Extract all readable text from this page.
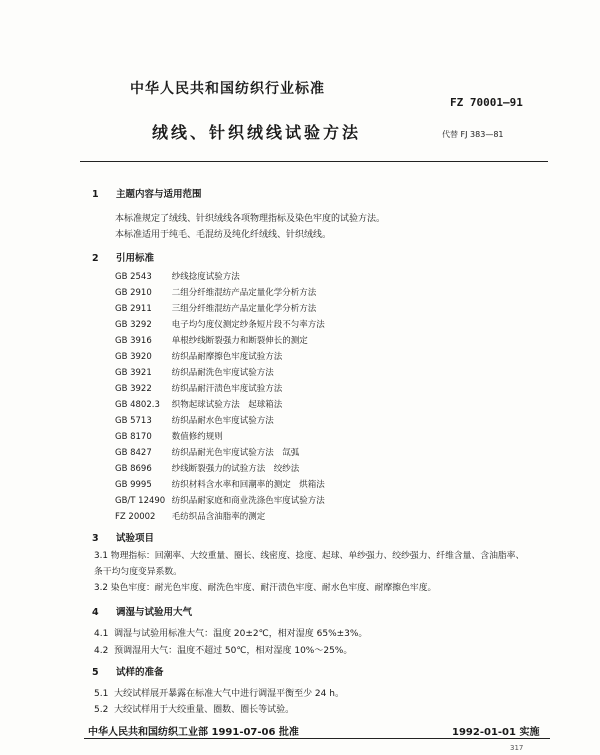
中华人民共和国纺织行业标准
FZ 70001—91
绒线、针织绒线试验方法	代替 FJ 383—81
1 主题内容与适用范围
本标准规定了绒线、针织绒线各项物理指标及染色牢度的试验方法。
本标准适用于纯毛、毛混纺及纯化纤绒线、针织绒线。
2 引用标准
GB 2543 纱线捻度试验方法
GB 2910 二组分纤维混纺产品定量化学分析方法
GB 2911 三组分纤维混纺产品定量化学分析方法
GB 3292 电子均匀度仪测定纱条短片段不匀率方法
GB 3916 单根纱线断裂强力和断裂伸长的测定
GB 3920 纺织品耐摩擦色牢度试验方法
GB 3921 纺织品耐洗色牢度试验方法
GB 3922 纺织品耐汗渍色牢度试验方法
GB 4802.3 织物起球试验方法　起球箱法
GB 5713 纺织品耐水色牢度试验方法
GB 8170 数值修约规则
GB 8427 纺织品耐光色牢度试验方法　氙弧
GB 8696 纱线断裂强力的试验方法　绞纱法
GB 9995 纺织材料含水率和回潮率的测定　烘箱法
GB/T 12490 纺织品耐家庭和商业洗涤色牢度试验方法
FZ 20002 毛纺织品含油脂率的测定
3 试验项目
3.1 物理指标：回潮率、大绞重量、圈长、线密度、捻度、起球、单纱强力、绞纱强力、纤维含量、含油脂率、
条干均匀度变异系数。
3.2 染色牢度：耐光色牢度、耐洗色牢度、耐汗渍色牢度、耐水色牢度、耐摩擦色牢度。
4 调湿与试验用大气
4.1 调湿与试验用标准大气：温度 20±2℃，相对湿度 65%±3%。
4.2 预调湿用大气：温度不超过 50℃，相对湿度 10%～25%。
5 试样的准备
5.1 大绞试样展开暴露在标准大气中进行调湿平衡至少 24 h。
5.2 大绞试样用于大绞重量、圈数、圈长等试验。
中华人民共和国纺织工业部 1991-07-06 批准	1992-01-01 实施
317
